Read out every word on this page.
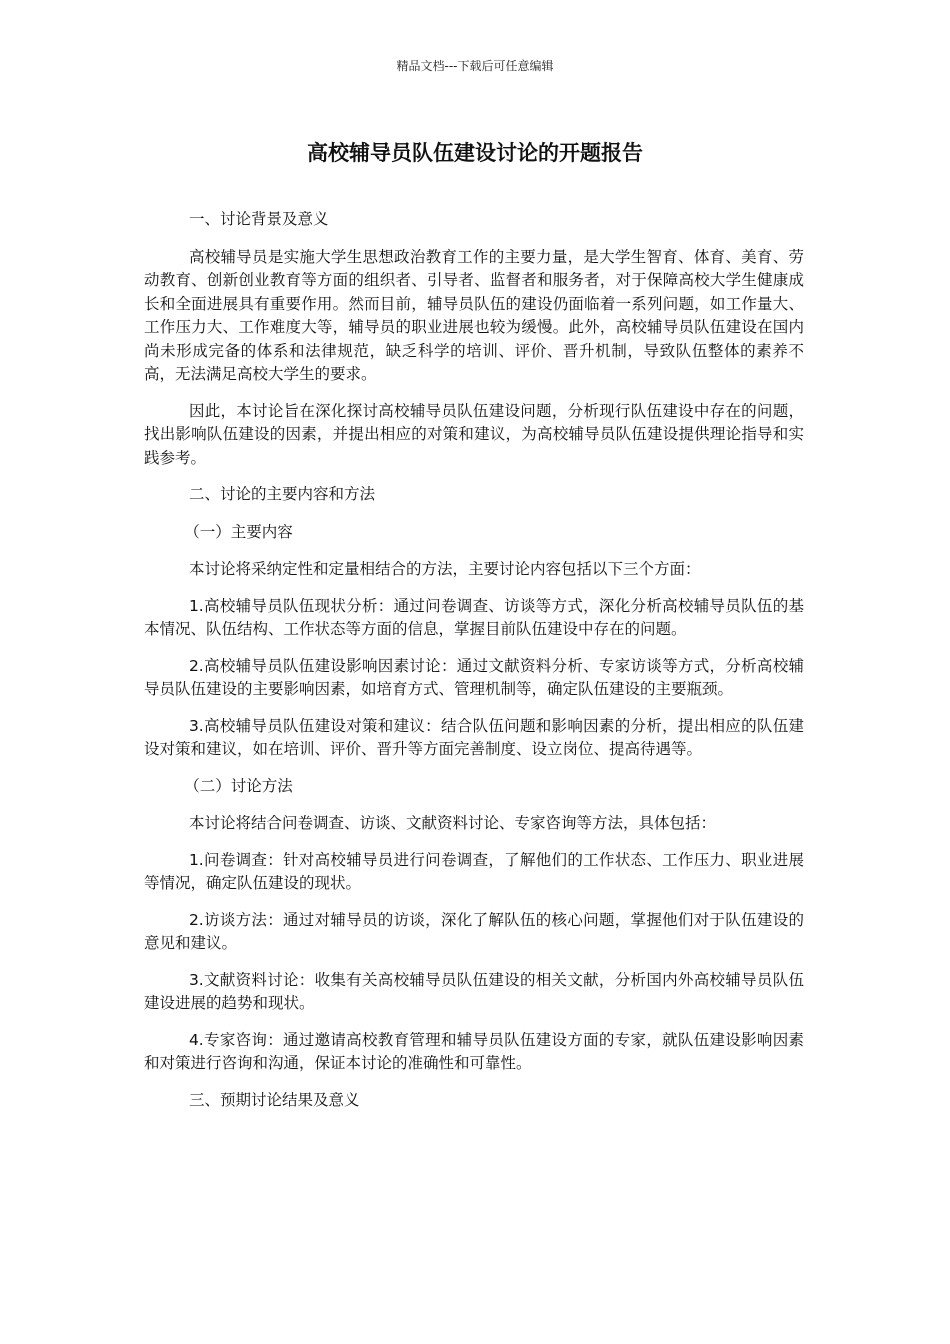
精品文档---下载后可任意编辑
高校辅导员队伍建设讨论的开题报告

一、讨论背景及意义

高校辅导员是实施大学生思想政治教育工作的主要力量，是大学生智育、体育、美育、劳动教育、创新创业教育等方面的组织者、引导者、监督者和服务者，对于保障高校大学生健康成长和全面进展具有重要作用。然而目前，辅导员队伍的建设仍面临着一系列问题，如工作量大、工作压力大、工作难度大等，辅导员的职业进展也较为缓慢。此外，高校辅导员队伍建设在国内尚未形成完备的体系和法律规范，缺乏科学的培训、评价、晋升机制，导致队伍整体的素养不高，无法满足高校大学生的要求。

因此，本讨论旨在深化探讨高校辅导员队伍建设问题，分析现行队伍建设中存在的问题，找出影响队伍建设的因素，并提出相应的对策和建议，为高校辅导员队伍建设提供理论指导和实践参考。

二、讨论的主要内容和方法

（一）主要内容

本讨论将采纳定性和定量相结合的方法，主要讨论内容包括以下三个方面：

1.高校辅导员队伍现状分析：通过问卷调查、访谈等方式，深化分析高校辅导员队伍的基本情况、队伍结构、工作状态等方面的信息，掌握目前队伍建设中存在的问题。

2.高校辅导员队伍建设影响因素讨论：通过文献资料分析、专家访谈等方式，分析高校辅导员队伍建设的主要影响因素，如培育方式、管理机制等，确定队伍建设的主要瓶颈。

3.高校辅导员队伍建设对策和建议：结合队伍问题和影响因素的分析，提出相应的队伍建设对策和建议，如在培训、评价、晋升等方面完善制度、设立岗位、提高待遇等。

（二）讨论方法

本讨论将结合问卷调查、访谈、文献资料讨论、专家咨询等方法，具体包括：

1.问卷调查：针对高校辅导员进行问卷调查，了解他们的工作状态、工作压力、职业进展等情况，确定队伍建设的现状。

2.访谈方法：通过对辅导员的访谈，深化了解队伍的核心问题，掌握他们对于队伍建设的意见和建议。

3.文献资料讨论：收集有关高校辅导员队伍建设的相关文献，分析国内外高校辅导员队伍建设进展的趋势和现状。

4.专家咨询：通过邀请高校教育管理和辅导员队伍建设方面的专家，就队伍建设影响因素和对策进行咨询和沟通，保证本讨论的准确性和可靠性。

三、预期讨论结果及意义
